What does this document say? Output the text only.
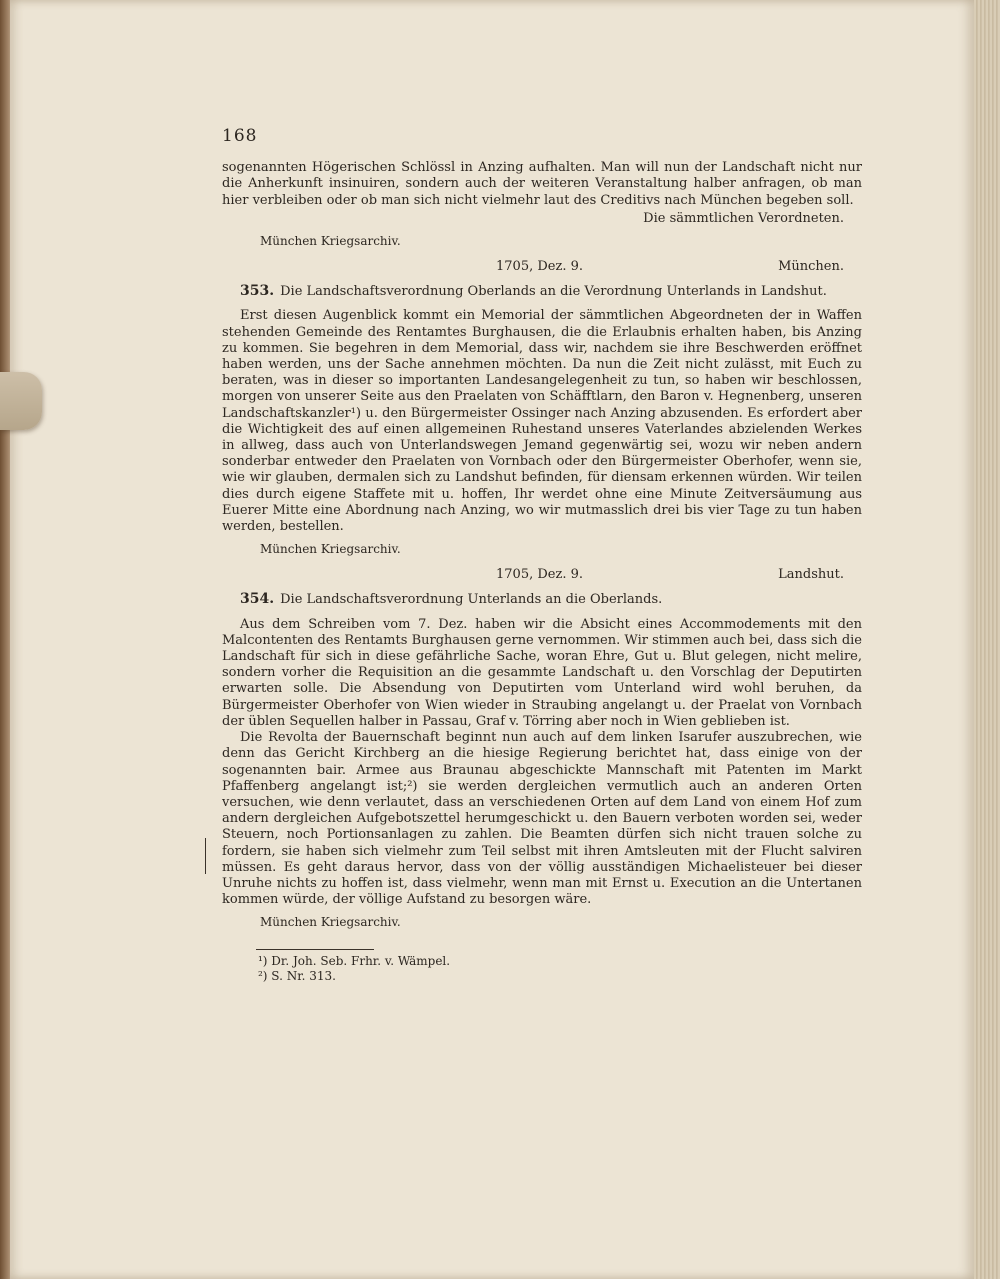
168

sogenannten Högerischen Schlössl in Anzing aufhalten. Man will nun der Landschaft nicht nur die Anherkunft insinuiren, sondern auch der weiteren Veranstaltung halber anfragen, ob man hier verbleiben oder ob man sich nicht vielmehr laut des Creditivs nach München begeben soll.

Die sämmtlichen Verordneten.
München Kriegsarchiv.
1705, Dez. 9.	München.
353. Die Landschaftsverordnung Oberlands an die Verordnung Unterlands in Landshut.

Erst diesen Augenblick kommt ein Memorial der sämmtlichen Abgeordneten der in Waffen stehenden Gemeinde des Rentamtes Burghausen, die die Erlaubnis erhalten haben, bis Anzing zu kommen. Sie begehren in dem Memorial, dass wir, nachdem sie ihre Beschwerden eröffnet haben werden, uns der Sache annehmen möchten. Da nun die Zeit nicht zulässt, mit Euch zu beraten, was in dieser so importanten Landesangelegenheit zu tun, so haben wir beschlossen, morgen von unserer Seite aus den Praelaten von Schäfftlarn, den Baron v. Hegnenberg, unseren Landschaftskanzler¹) u. den Bürgermeister Ossinger nach Anzing abzusenden. Es erfordert aber die Wichtigkeit des auf einen allgemeinen Ruhestand unseres Vaterlandes abzielenden Werkes in allweg, dass auch von Unterlandswegen Jemand gegenwärtig sei, wozu wir neben andern sonderbar entweder den Praelaten von Vornbach oder den Bürgermeister Oberhofer, wenn sie, wie wir glauben, dermalen sich zu Landshut befinden, für diensam erkennen würden. Wir teilen dies durch eigene Staffete mit u. hoffen, Ihr werdet ohne eine Minute Zeitversäumung aus Euerer Mitte eine Abordnung nach Anzing, wo wir mutmasslich drei bis vier Tage zu tun haben werden, bestellen.

München Kriegsarchiv.
1705, Dez. 9.	Landshut.
354. Die Landschaftsverordnung Unterlands an die Oberlands.

Aus dem Schreiben vom 7. Dez. haben wir die Absicht eines Accommodements mit den Malcontenten des Rentamts Burghausen gerne vernommen. Wir stimmen auch bei, dass sich die Landschaft für sich in diese gefährliche Sache, woran Ehre, Gut u. Blut gelegen, nicht melire, sondern vorher die Requisition an die gesammte Landschaft u. den Vorschlag der Deputirten erwarten solle. Die Absendung von Deputirten vom Unterland wird wohl beruhen, da Bürgermeister Oberhofer von Wien wieder in Straubing angelangt u. der Praelat von Vornbach der üblen Sequellen halber in Passau, Graf v. Törring aber noch in Wien geblieben ist.

Die Revolta der Bauernschaft beginnt nun auch auf dem linken Isarufer auszubrechen, wie denn das Gericht Kirchberg an die hiesige Regierung berichtet hat, dass einige von der sogenannten bair. Armee aus Braunau abgeschickte Mannschaft mit Patenten im Markt Pfaffenberg angelangt ist;²) sie werden dergleichen vermutlich auch an anderen Orten versuchen, wie denn verlautet, dass an verschiedenen Orten auf dem Land von einem Hof zum andern dergleichen Aufgebotszettel herumgeschickt u. den Bauern verboten worden sei, weder Steuern, noch Portionsanlagen zu zahlen. Die Beamten dürfen sich nicht trauen solche zu fordern, sie haben sich vielmehr zum Teil selbst mit ihren Amtsleuten mit der Flucht salviren müssen. Es geht daraus hervor, dass von der völlig ausständigen Michaelisteuer bei dieser Unruhe nichts zu hoffen ist, dass vielmehr, wenn man mit Ernst u. Execution an die Untertanen kommen würde, der völlige Aufstand zu besorgen wäre.

München Kriegsarchiv.
¹) Dr. Joh. Seb. Frhr. v. Wämpel.
²) S. Nr. 313.
